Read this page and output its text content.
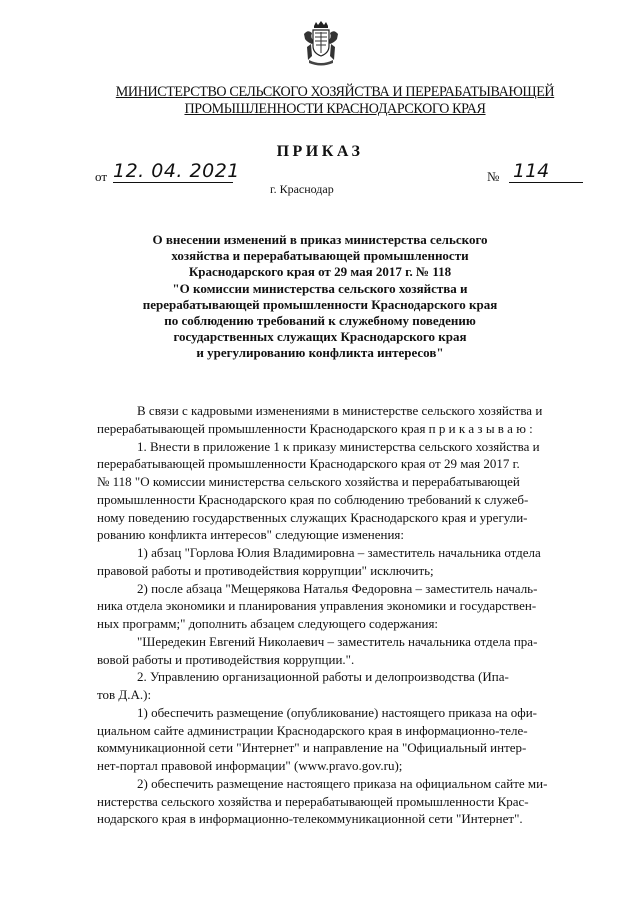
МИНИСТЕРСТВО СЕЛЬСКОГО ХОЗЯЙСТВА И ПЕРЕРАБАТЫВАЮЩЕЙ
ПРОМЫШЛЕННОСТИ КРАСНОДАРСКОГО КРАЯ
ПРИКАЗ
от 12. 04. 2021	№ 114
г. Краснодар
О внесении изменений в приказ министерства сельского
хозяйства и перерабатывающей промышленности
Краснодарского края от 29 мая 2017 г. № 118
"О комиссии министерства сельского хозяйства и
перерабатывающей промышленности Краснодарского края
по соблюдению требований к служебному поведению
государственных служащих Краснодарского края
и урегулированию конфликта интересов"
В связи с кадровыми изменениями в министерстве сельского хозяйства и
перерабатывающей промышленности Краснодарского края п р и к а з ы в а ю :
1. Внести в приложение 1 к приказу министерства сельского хозяйства и
перерабатывающей промышленности Краснодарского края от 29 мая 2017 г.
№ 118 "О комиссии министерства сельского хозяйства и перерабатывающей
промышленности Краснодарского края по соблюдению требований к служеб-
ному поведению государственных служащих Краснодарского края и урегули-
рованию конфликта интересов" следующие изменения:
1) абзац "Горлова Юлия Владимировна – заместитель начальника отдела
правовой работы и противодействия коррупции" исключить;
2) после абзаца "Мещерякова Наталья Федоровна – заместитель началь-
ника отдела экономики и планирования управления экономики и государствен-
ных программ;" дополнить абзацем следующего содержания:
"Шередекин Евгений Николаевич – заместитель начальника отдела пра-
вовой работы и противодействия коррупции.".
2. Управлению организационной работы и делопроизводства (Ипа-
тов Д.А.):
1) обеспечить размещение (опубликование) настоящего приказа на офи-
циальном сайте администрации Краснодарского края в информационно-теле-
коммуникационной сети "Интернет" и направление на "Официальный интер-
нет-портал правовой информации" (www.pravo.gov.ru);
2) обеспечить размещение настоящего приказа на официальном сайте ми-
нистерства сельского хозяйства и перерабатывающей промышленности Крас-
нодарского края в информационно-телекоммуникационной сети "Интернет".
